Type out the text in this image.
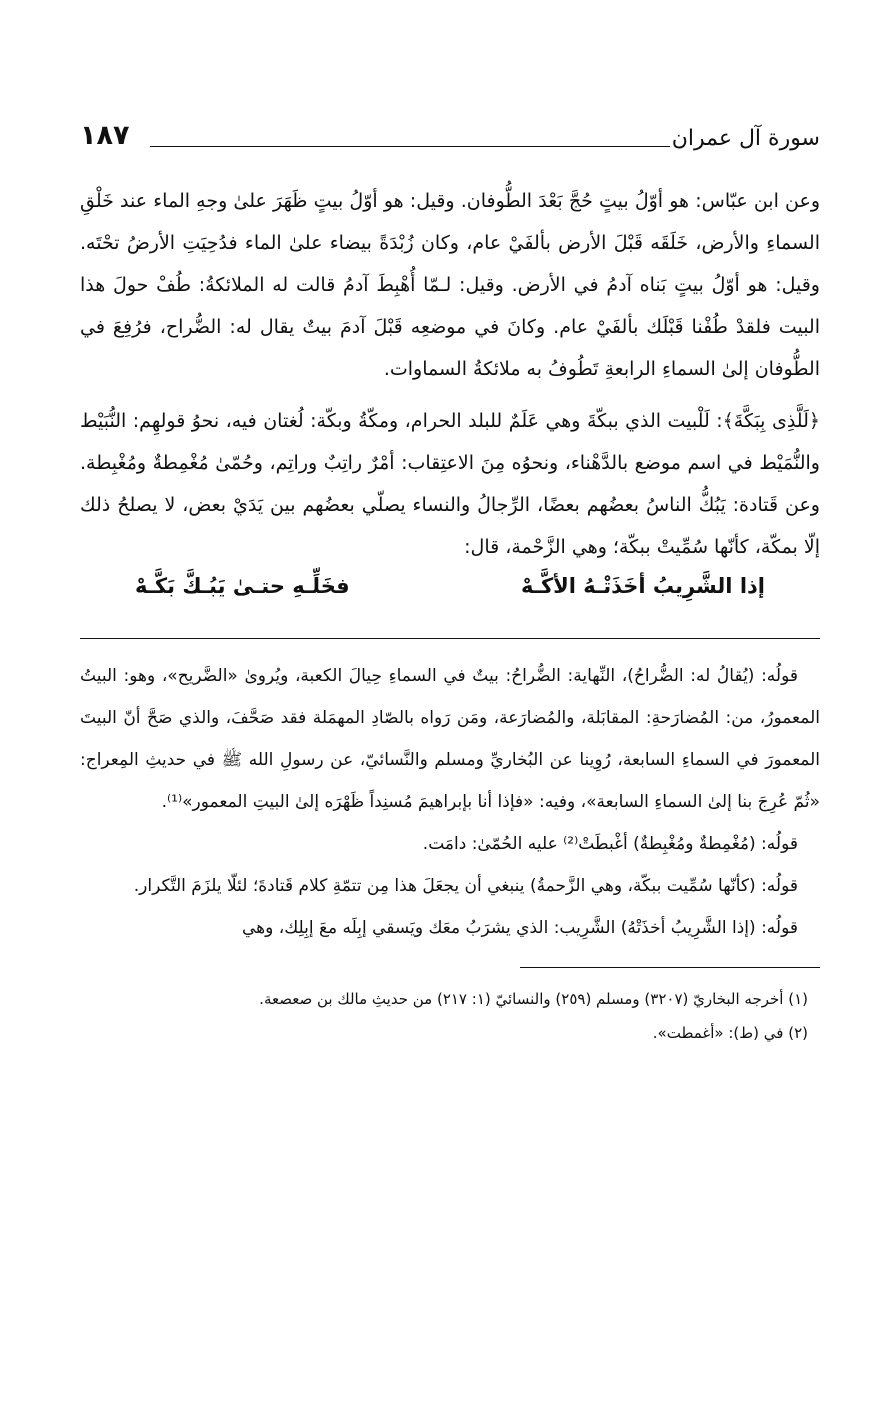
سورة آل عمران
١٨٧

وعن ابن عبّاس: هو أوّلُ بيتٍ حُجَّ بَعْدَ الطُّوفان. وقيل: هو أوّلُ بيتٍ ظَهَرَ علىٰ وجهِ الماء عند خَلْقِ السماءِ والأرض، خَلَقَه قَبْلَ الأرض بألفَيْ عام، وكان زُبْدَةً بيضاء علىٰ الماء فدُحِيَتِ الأرضُ تحْتَه. وقيل: هو أوّلُ بيتٍ بَناه آدمُ في الأرض. وقيل: لـمّا أُهْبِطَ آدمُ قالت له الملائكةُ: طُفْ حولَ هذا البيت فلقدْ طُفْنا قَبْلَك بألفَيْ عام. وكانَ في موضعِه قَبْلَ آدمَ بيتٌ يقال له: الضُّراح، فرُفِعَ في الطُّوفان إلىٰ السماءِ الرابعةِ تَطُوفُ به ملائكةُ السماوات.

﴿لَلَّذِى بِبَكَّةَ﴾: لَلْبيت الذي ببكّةَ وهي عَلَمٌ للبلد الحرام، ومكّةُ وبكّة: لُغتان فيه، نحوُ قولهِم: النُّبَيْط والنُّمَيْط في اسم موضع بالدَّهْناء، ونحوُه مِنَ الاعتِقاب: أمْرٌ راتِبٌ وراتِم، وحُمّىٰ مُغْمِطةٌ ومُغْبِطة. وعن قَتادة: يَبُكُّ الناسُ بعضُهم بعضًا، الرِّجالُ والنساء يصلّي بعضُهم بين يَدَيْ بعض، لا يصلحُ ذلك إلّا بمكّة، كأنّها سُمِّيتْ ببكّة؛ وهي الزَّحْمة، قال:

إذا الشَّرِيبُ أخَذَتْـهُ الأكَّـهْ
فخَلِّـهِ حتـىٰ يَبُـكَّ بَكَّـهْ

قولُه: (يُقالُ له: الضُّراحُ)، النِّهاية: الضُّراحُ: بيتٌ في السماءِ حِيالَ الكعبة، ويُروىٰ «الضَّريح»، وهو: البيتُ المعمورُ، من: المُضارَحةِ: المقابَلة، والمُضارَعة، ومَن رَواه بالصّادِ المهمَلة فقد صَحَّفَ، والذي صَحَّ أنّ البيتَ المعمورَ في السماءِ السابعة، رُوِينا عن البُخاريِّ ومسلم والنَّسائيّ، عن رسولِ الله ﷺ في حديثِ المِعراج: «ثُمّ عُرِجَ بنا إلىٰ السماءِ السابعة»، وفيه: «فإذا أنا بإبراهيمَ مُسنِداً ظَهْرَه إلىٰ البيتِ المعمور»⁽¹⁾.

قولُه: (مُغْمِطةٌ ومُغْبِطةٌ) أغْبطَتْ⁽²⁾ عليه الحُمّىٰ: دامَت.

قولُه: (كأنّها سُمِّيت ببكّة، وهي الزَّحمةُ) ينبغي أن يجعَلَ هذا مِن تتمّةِ كلام قَتادةَ؛ لئلّا يلزَمَ التَّكرار.

قولُه: (إذا الشَّرِيبُ أخذَتْهُ) الشَّرِيب: الذي يشرَبُ معَك ويَسقي إبِلَه معَ إبِلِك، وهي

(١) أخرجه البخاريّ (٣٢٠٧) ومسلم (٢٥٩) والنسائيّ (١: ٢١٧) من حديثِ مالك بن صعصعة.

(٢) في (ط): «أغمطت».
